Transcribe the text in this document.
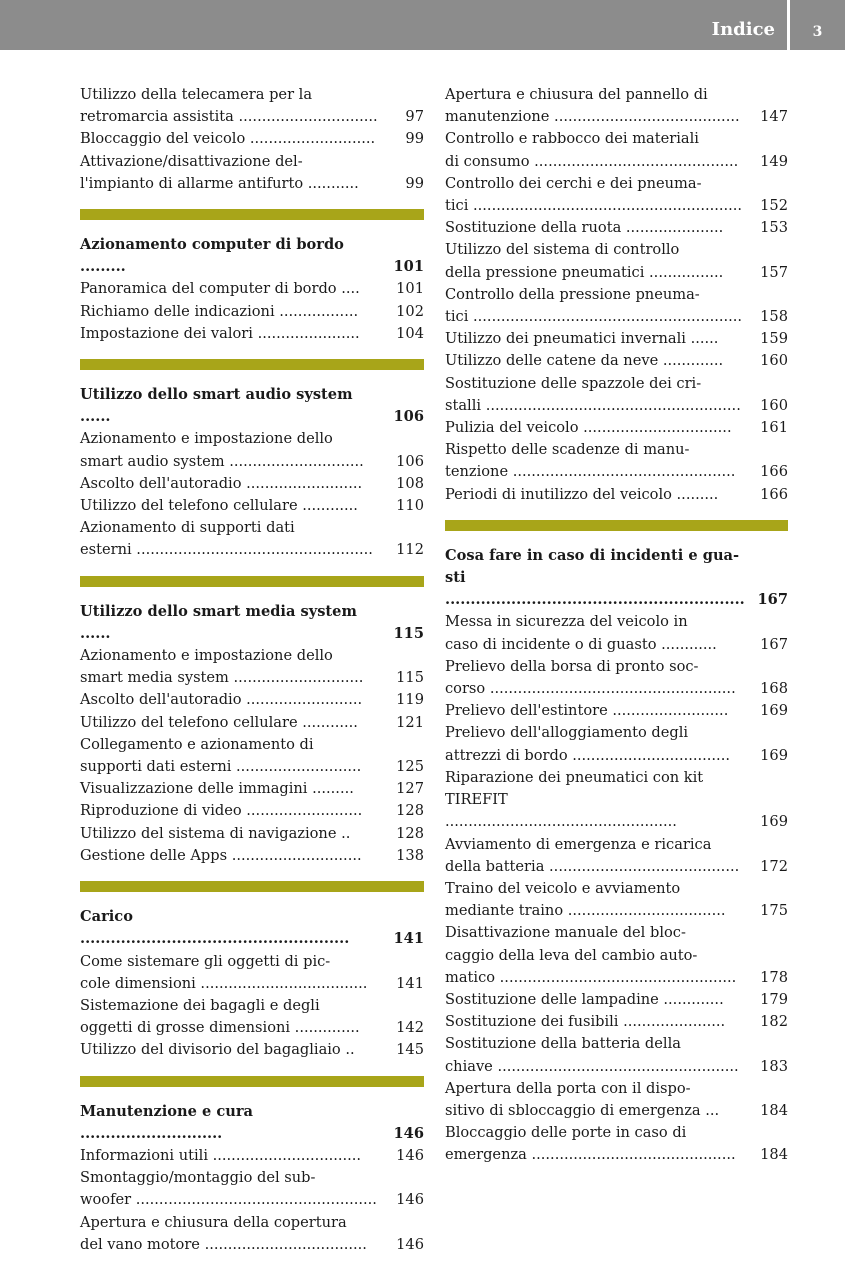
Indice	3
Utilizzo della telecamera per la
retromarcia assistita ..............................	97
Bloccaggio del veicolo ...........................	99
Attivazione/disattivazione del-
l'impianto di allarme antifurto ...........	99
Azionamento computer di bordo .........	101
Panoramica del computer di bordo ....	101
Richiamo delle indicazioni .................	102
Impostazione dei valori ......................	104
Utilizzo dello smart audio system ......	106
Azionamento e impostazione dello
smart audio system .............................	106
Ascolto dell'autoradio .........................	108
Utilizzo del telefono cellulare ............	110
Azionamento di supporti dati
esterni ...................................................	112
Utilizzo dello smart media system ......	115
Azionamento e impostazione dello
smart media system ............................	115
Ascolto dell'autoradio .........................	119
Utilizzo del telefono cellulare ............	121
Collegamento e azionamento di
supporti dati esterni ...........................	125
Visualizzazione delle immagini .........	127
Riproduzione di video .........................	128
Utilizzo del sistema di navigazione ..	128
Gestione delle Apps ............................	138
Carico .....................................................	141
Come sistemare gli oggetti di pic-
cole dimensioni ....................................	141
Sistemazione dei bagagli e degli
oggetti di grosse dimensioni ..............	142
Utilizzo del divisorio del bagagliaio ..	145
Manutenzione e cura ............................	146
Informazioni utili ................................	146
Smontaggio/montaggio del sub-
woofer ....................................................	146
Apertura e chiusura della copertura
del vano motore ...................................	146
Apertura e chiusura del pannello di
manutenzione ........................................	147
Controllo e rabbocco dei materiali
di consumo ............................................	149
Controllo dei cerchi e dei pneuma-
tici ..........................................................	152
Sostituzione della ruota .....................	153
Utilizzo del sistema di controllo
della pressione pneumatici ................	157
Controllo della pressione pneuma-
tici ..........................................................	158
Utilizzo dei pneumatici invernali ......	159
Utilizzo delle catene da neve .............	160
Sostituzione delle spazzole dei cri-
stalli .......................................................	160
Pulizia del veicolo ................................	161
Rispetto delle scadenze di manu-
tenzione ................................................	166
Periodi di inutilizzo del veicolo .........	166
Cosa fare in caso di incidenti e gua-
sti ........................................................... 167
Messa in sicurezza del veicolo in
caso di incidente o di guasto ............	167
Prelievo della borsa di pronto soc-
corso .....................................................	168
Prelievo dell'estintore .........................	169
Prelievo dell'alloggiamento degli
attrezzi di bordo ..................................	169
Riparazione dei pneumatici con kit
TIREFIT ..................................................	169
Avviamento di emergenza e ricarica
della batteria .........................................	172
Traino del veicolo e avviamento
mediante traino ..................................	175
Disattivazione manuale del bloc-
caggio della leva del cambio auto-
matico ...................................................	178
Sostituzione delle lampadine .............	179
Sostituzione dei fusibili ......................	182
Sostituzione della batteria della
chiave ....................................................	183
Apertura della porta con il dispo-
sitivo di sbloccaggio di emergenza ...	184
Bloccaggio delle porte in caso di
emergenza ............................................	184
